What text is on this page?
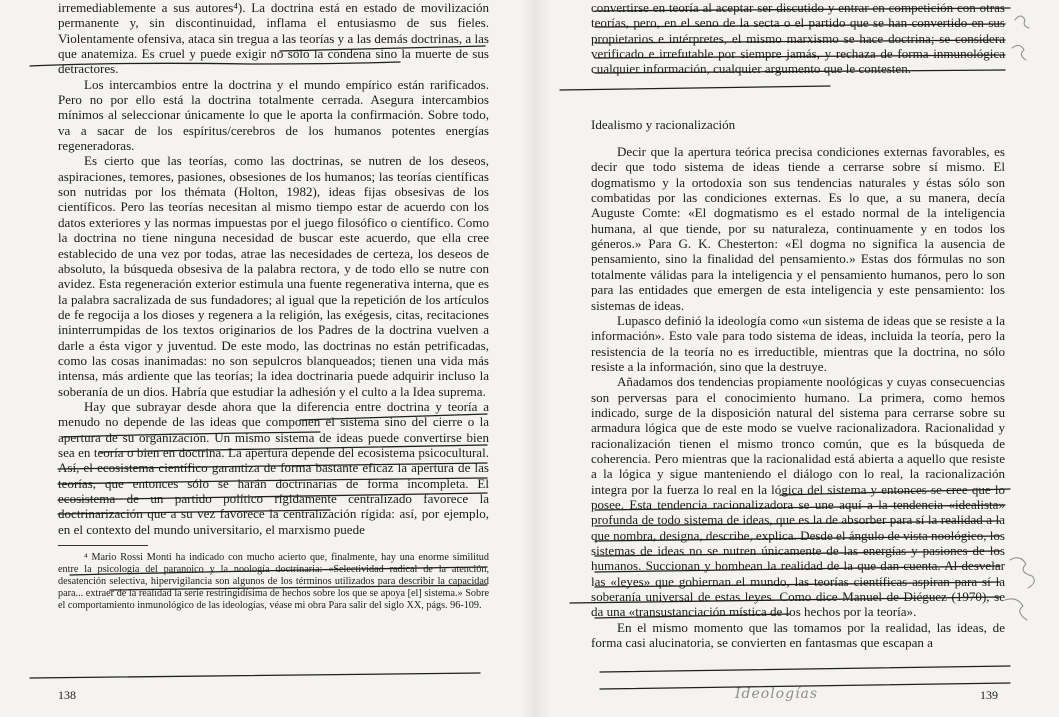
irremediablemente a sus autores⁴). La doctrina está en estado de movilización permanente y, sin discontinuidad, inflama el entusiasmo de sus fieles. Violentamente ofensiva, ataca sin tregua a las teorías y a las demás doctrinas, a las que anatemiza. Es cruel y puede exigir no sólo la condena sino la muerte de sus detractores.

Los intercambios entre la doctrina y el mundo empírico están rarificados. Pero no por ello está la doctrina totalmente cerrada. Asegura intercambios mínimos al seleccionar únicamente lo que le aporta la confirmación. Sobre todo, va a sacar de los espíritus/cerebros de los humanos potentes energías regeneradoras.

Es cierto que las teorías, como las doctrinas, se nutren de los deseos, aspiraciones, temores, pasiones, obsesiones de los humanos; las teorías científicas son nutridas por los thémata (Holton, 1982), ideas fijas obsesivas de los científicos. Pero las teorías necesitan al mismo tiempo estar de acuerdo con los datos exteriores y las normas impuestas por el juego filosófico o científico. Como la doctrina no tiene ninguna necesidad de buscar este acuerdo, que ella cree establecido de una vez por todas, atrae las necesidades de certeza, los deseos de absoluto, la búsqueda obsesiva de la palabra rectora, y de todo ello se nutre con avidez. Esta regeneración exterior estimula una fuente regenerativa interna, que es la palabra sacralizada de sus fundadores; al igual que la repetición de los artículos de fe regocija a los dioses y regenera a la religión, las exégesis, citas, recitaciones ininterrumpidas de los textos originarios de los Padres de la doctrina vuelven a darle a ésta vigor y juventud. De este modo, las doctrinas no están petrificadas, como las cosas inanimadas: no son sepulcros blanqueados; tienen una vida más intensa, más ardiente que las teorías; la idea doctrinaria puede adquirir incluso la soberanía de un dios. Habría que estudiar la adhesión y el culto a la Idea suprema.

Hay que subrayar desde ahora que la diferencia entre doctrina y teoría a menudo no depende de las ideas que componen el sistema sino del cierre o la apertura de su organización. Un mismo sistema de ideas puede convertirse bien sea en teoría o bien en doctrina. La apertura depende del ecosistema psicocultural. Así, el ecosistema científico garantiza de forma bastante eficaz la apertura de las teorías, que entonces sólo se harán doctrinarias de forma incompleta. El ecosistema de un partido político rígidamente centralizado favorece la doctrinarización que a su vez favorece la centralización rígida: así, por ejemplo, en el contexto del mundo universitario, el marxismo puede

⁴ Mario Rossi Monti ha indicado con mucho acierto que, finalmente, hay una enorme similitud entre la psicología del paranoico y la noología doctrinaria: «Selectividad radical de la atención, desatención selectiva, hipervigilancia son algunos de los términos utilizados para describir la capacidad para... extraer de la realidad la serie restringidísima de hechos sobre los que se apoya [el] sistema.» Sobre el comportamiento inmunológico de las ideologías, véase mi obra Para salir del siglo XX, págs. 96-109.

convertirse en teoría al aceptar ser discutido y entrar en competición con otras teorías, pero, en el seno de la secta o el partido que se han convertido en sus propietarios e intérpretes, el mismo marxismo se hace doctrina; se considera verificado e irrefutable por siempre jamás, y rechaza de forma inmunológica cualquier información, cualquier argumento que le contesten.

Idealismo y racionalización

Decir que la apertura teórica precisa condiciones externas favorables, es decir que todo sistema de ideas tiende a cerrarse sobre sí mismo. El dogmatismo y la ortodoxia son sus tendencias naturales y éstas sólo son combatidas por las condiciones externas. Es lo que, a su manera, decía Auguste Comte: «El dogmatismo es el estado normal de la inteligencia humana, al que tiende, por su naturaleza, continuamente y en todos los géneros.» Para G. K. Chesterton: «El dogma no significa la ausencia de pensamiento, sino la finalidad del pensamiento.» Estas dos fórmulas no son totalmente válidas para la inteligencia y el pensamiento humanos, pero lo son para las entidades que emergen de esta inteligencia y este pensamiento: los sistemas de ideas.

Lupasco definió la ideología como «un sistema de ideas que se resiste a la información». Esto vale para todo sistema de ideas, incluida la teoría, pero la resistencia de la teoría no es irreductible, mientras que la doctrina, no sólo resiste a la información, sino que la destruye.

Añadamos dos tendencias propiamente noológicas y cuyas consecuencias son perversas para el conocimiento humano. La primera, como hemos indicado, surge de la disposición natural del sistema para cerrarse sobre su armadura lógica que de este modo se vuelve racionalizadora. Racionalidad y racionalización tienen el mismo tronco común, que es la búsqueda de coherencia. Pero mientras que la racionalidad está abierta a aquello que resiste a la lógica y sigue manteniendo el diálogo con lo real, la racionalización integra por la fuerza lo real en la lógica del sistema y entonces se cree que lo posee. Esta tendencia racionalizadora se une aquí a la tendencia «idealista» profunda de todo sistema de ideas, que es la de absorber para sí la realidad a la que nombra, designa, describe, explica. Desde el ángulo de vista noológico, los sistemas de ideas no se nutren únicamente de las energías y pasiones de los humanos. Succionan y bombean la realidad de la que dan cuenta. Al desvelar las «leyes» que gobiernan el mundo, las teorías científicas aspiran para sí la soberanía universal de estas leyes. Como dice Manuel de Diéguez (1970), se da una «transustanciación mística de los hechos por la teoría».

En el mismo momento que las tomamos por la realidad, las ideas, de forma casi alucinatoria, se convierten en fantasmas que escapan a

138	139
Ideologías
